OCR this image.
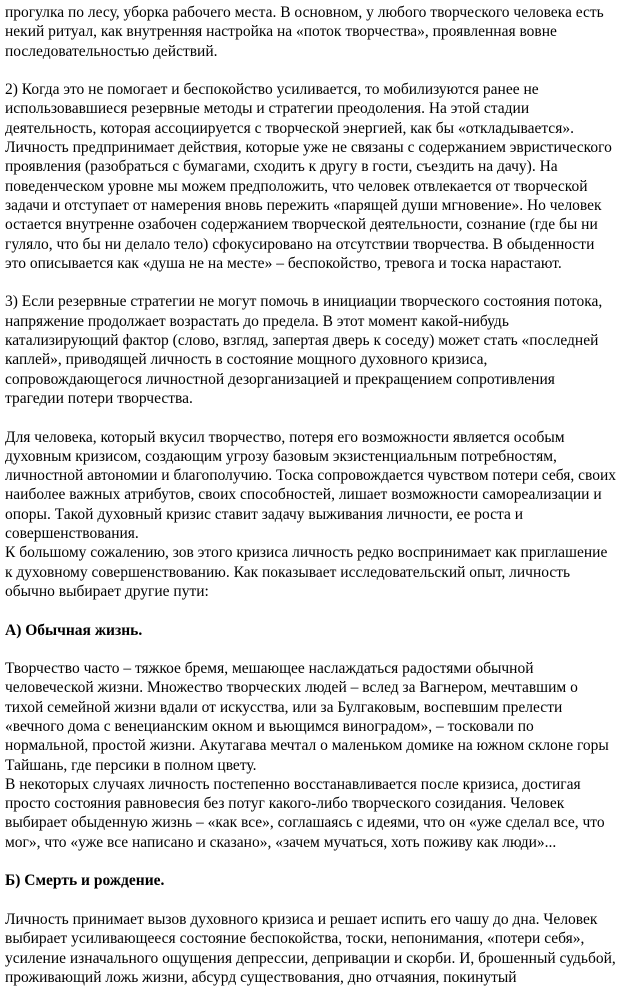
прогулка по лесу, уборка рабочего места. В основном, у любого творческого человека есть некий ритуал, как внутренняя настройка на «поток творчества», проявленная вовне последовательностью действий.

2) Когда это не помогает и беспокойство усиливается, то мобилизуются ранее не использовавшиеся резервные методы и стратегии преодоления. На этой стадии деятельность, которая ассоциируется с творческой энергией, как бы «откладывается». Личность предпринимает действия, которые уже не связаны с содержанием эвристического проявления (разобраться с бумагами, сходить к другу в гости, съездить на дачу). На поведенческом уровне мы можем предположить, что человек отвлекается от творческой задачи и отступает от намерения вновь пережить «парящей души мгновение». Но человек остается внутренне озабочен содержанием творческой деятельности, сознание (где бы ни гуляло, что бы ни делало тело) сфокусировано на отсутствии творчества. В обыденности это описывается как «душа не на месте» – беспокойство, тревога и тоска нарастают.

3) Если резервные стратегии не могут помочь в инициации творческого состояния потока, напряжение продолжает возрастать до предела. В этот момент какой-нибудь катализирующий фактор (слово, взгляд, запертая дверь к соседу) может стать «последней каплей», приводящей личность в состояние мощного духовного кризиса, сопровождающегося личностной дезорганизацией и прекращением сопротивления трагедии потери творчества.

Для человека, который вкусил творчество, потеря его возможности является особым духовным кризисом, создающим угрозу базовым экзистенциальным потребностям, личностной автономии и благополучию. Тоска сопровождается чувством потери себя, своих наиболее важных атрибутов, своих способностей, лишает возможности самореализации и опоры. Такой духовный кризис ставит задачу выживания личности, ее роста и совершенствования.

К большому сожалению, зов этого кризиса личность редко воспринимает как приглашение к духовному совершенствованию. Как показывает исследовательский опыт, личность обычно выбирает другие пути:

А) Обычная жизнь.

Творчество часто – тяжкое бремя, мешающее наслаждаться радостями обычной человеческой жизни. Множество творческих людей – вслед за Вагнером, мечтавшим о тихой семейной жизни вдали от искусства, или за Булгаковым, воспевшим прелести «вечного дома с венецианским окном и вьющимся виноградом», – тосковали по нормальной, простой жизни. Акутагава мечтал о маленьком домике на южном склоне горы Тайшань, где персики в полном цвету.

В некоторых случаях личность постепенно восстанавливается после кризиса, достигая просто состояния равновесия без потуг какого-либо творческого созидания. Человек выбирает обыденную жизнь – «как все», соглашаясь с идеями, что он «уже сделал все, что мог», что «уже все написано и сказано», «зачем мучаться, хоть поживу как люди»...

Б) Смерть и рождение.

Личность принимает вызов духовного кризиса и решает испить его чашу до дна. Человек выбирает усиливающееся состояние беспокойства, тоски, непонимания, «потери себя», усиление изначального ощущения депрессии, депривации и скорби. И, брошенный судьбой, проживающий ложь жизни, абсурд существования, дно отчаяния, покинутый
